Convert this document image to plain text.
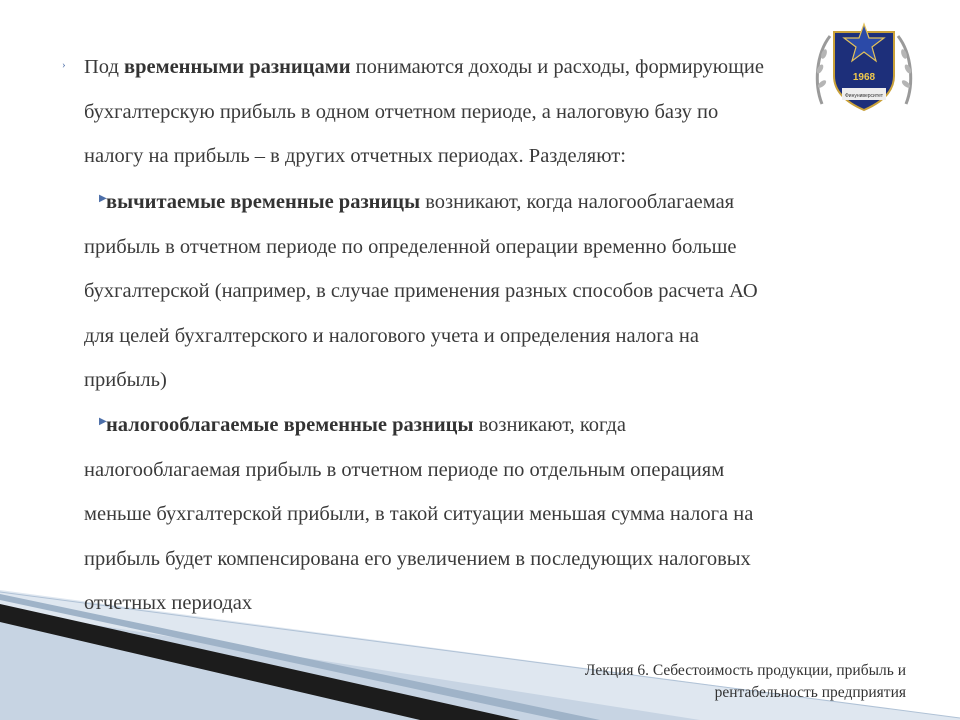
1968
Финуниверситет
› Под временными разницами понимаются доходы и расходы, формирующие
бухгалтерскую прибыль в одном отчетном периоде, а налоговую базу по
налогу на прибыль – в других отчетных периодах. Разделяют:
▶ вычитаемые временные разницы возникают, когда налогооблагаемая
прибыль в отчетном периоде по определенной операции временно больше
бухгалтерской (например, в случае применения разных способов расчета АО
для целей бухгалтерского и налогового учета и определения налога на
прибыль)
▶ налогооблагаемые временные разницы возникают, когда
налогооблагаемая прибыль в отчетном периоде по отдельным операциям
меньше бухгалтерской прибыли, в такой ситуации меньшая сумма налога на
прибыль будет компенсирована его увеличением в последующих налоговых
отчетных периодах
Лекция 6. Себестоимость продукции, прибыль и
рентабельность предприятия
